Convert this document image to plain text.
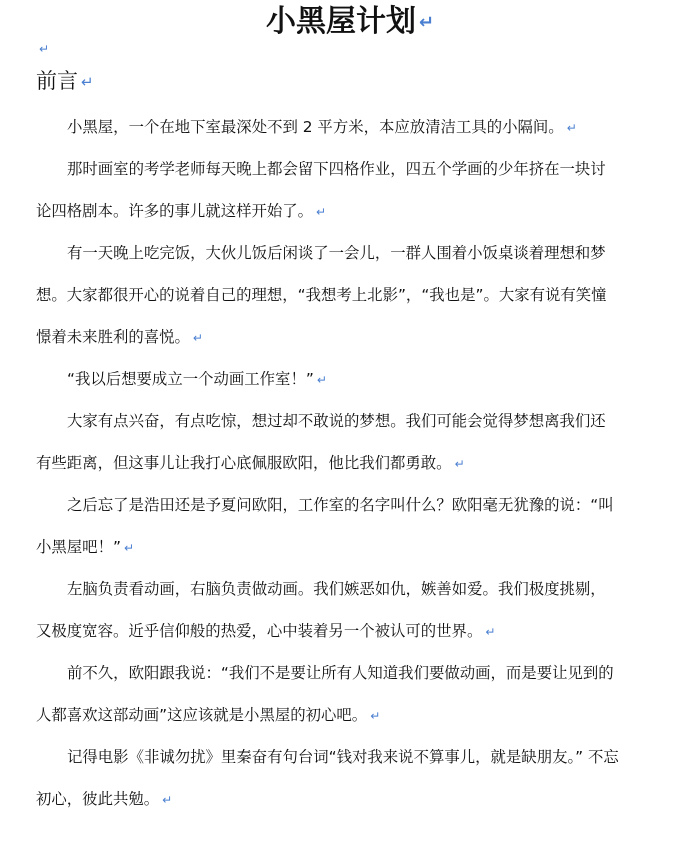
小黑屋计划 ↵
↵
前言 ↵

小黑屋，一个在地下室最深处不到 2 平方米，本应放清洁工具的小隔间。 ↵

那时画室的考学老师每天晚上都会留下四格作业，四五个学画的少年挤在一块讨论四格剧本。许多的事儿就这样开始了。 ↵

有一天晚上吃完饭，大伙儿饭后闲谈了一会儿，一群人围着小饭桌谈着理想和梦想。大家都很开心的说着自己的理想，“我想考上北影”，“我也是”。大家有说有笑憧憬着未来胜利的喜悦。 ↵

“我以后想要成立一个动画工作室！” ↵

大家有点兴奋，有点吃惊，想过却不敢说的梦想。我们可能会觉得梦想离我们还有些距离，但这事儿让我打心底佩服欧阳，他比我们都勇敢。 ↵

之后忘了是浩田还是予夏问欧阳，工作室的名字叫什么？欧阳毫无犹豫的说：“叫小黑屋吧！” ↵

左脑负责看动画，右脑负责做动画。我们嫉恶如仇，嫉善如爱。我们极度挑剔，又极度宽容。近乎信仰般的热爱，心中装着另一个被认可的世界。 ↵

前不久，欧阳跟我说：“我们不是要让所有人知道我们要做动画，而是要让见到的人都喜欢这部动画”这应该就是小黑屋的初心吧。 ↵

记得电影《非诚勿扰》里秦奋有句台词“钱对我来说不算事儿，就是缺朋友。” 不忘初心，彼此共勉。 ↵
